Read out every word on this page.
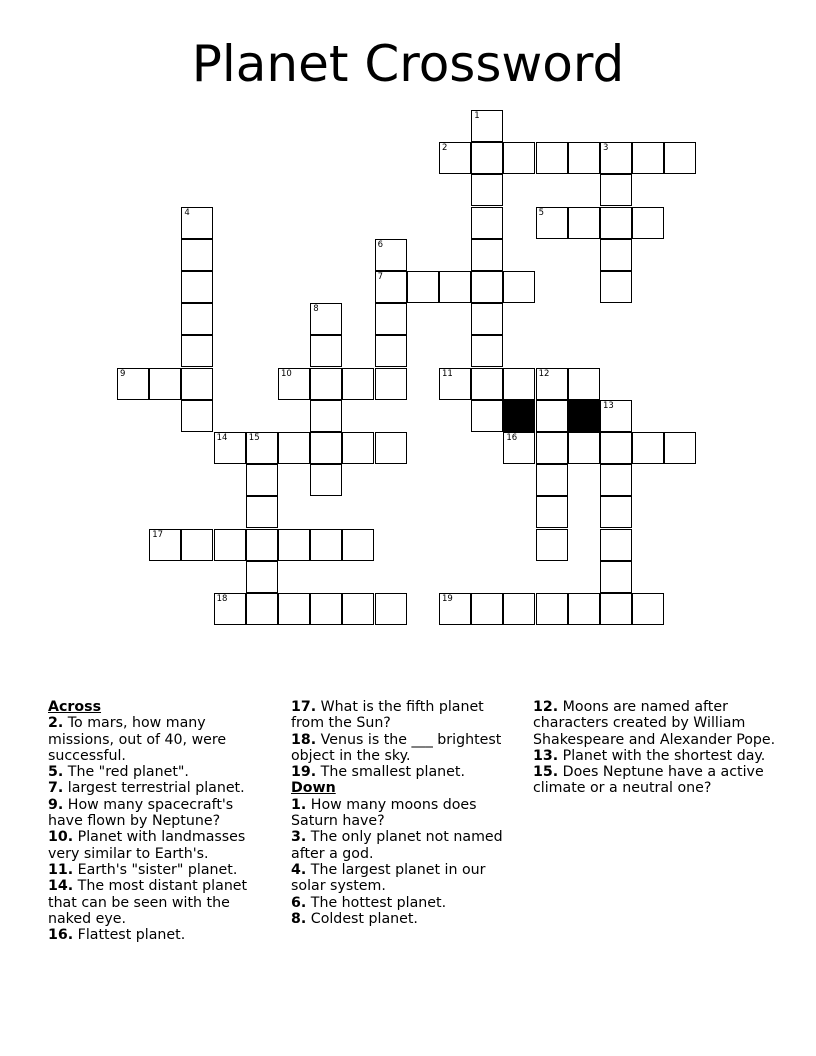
Planet Crossword
1
2	3
4	5
6
7
8
9	10	11	12
13
14	15	16
17
18	19
Across
2. To mars, how many missions, out of 40, were successful.
5. The "red planet".
7. largest terrestrial planet.
9. How many spacecraft's have flown by Neptune?
10. Planet with landmasses very similar to Earth's.
11. Earth's "sister" planet.
14. The most distant planet that can be seen with the naked eye.
16. Flattest planet.
17. What is the fifth planet from the Sun?
18. Venus is the ___ brightest object in the sky.
19. The smallest planet.
Down
1. How many moons does Saturn have?
3. The only planet not named after a god.
4. The largest planet in our solar system.
6. The hottest planet.
8. Coldest planet.
12. Moons are named after characters created by William Shakespeare and Alexander Pope.
13. Planet with the shortest day.
15. Does Neptune have a active climate or a neutral one?
